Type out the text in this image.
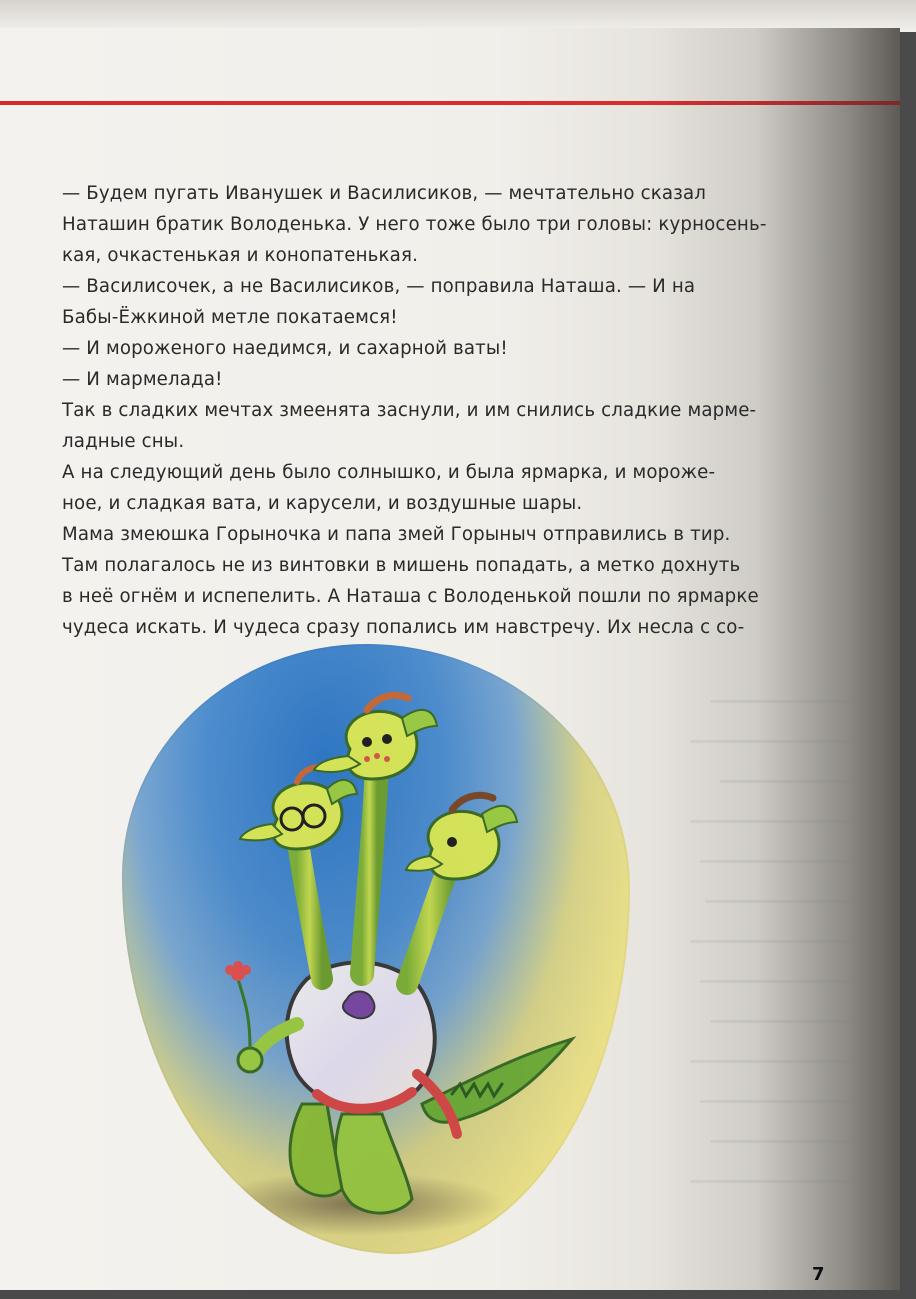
— Будем пугать Иванушек и Василисиков, — мечтательно сказал
Наташин братик Володенька. У него тоже было три головы: курносень-
кая, очкастенькая и конопатенькая.
— Василисочек, а не Василисиков, — поправила Наташа. — И на
Бабы-Ёжкиной метле покатаемся!
— И мороженого наедимся, и сахарной ваты!
— И мармелада!
Так в сладких мечтах змеенята заснули, и им снились сладкие марме-
ладные сны.
А на следующий день было солнышко, и была ярмарка, и морожe-
ное, и сладкая вата, и карусели, и воздушные шары.
Мама змеюшка Горыночка и папа змей Горыныч отправились в тир.
Там полагалось не из винтовки в мишень попадать, а метко дохнуть
в неё огнём и испепелить. А Наташа с Володенькой пошли по ярмарке
чудеса искать. И чудеса сразу попались им навстречу. Их несла с со-
7
